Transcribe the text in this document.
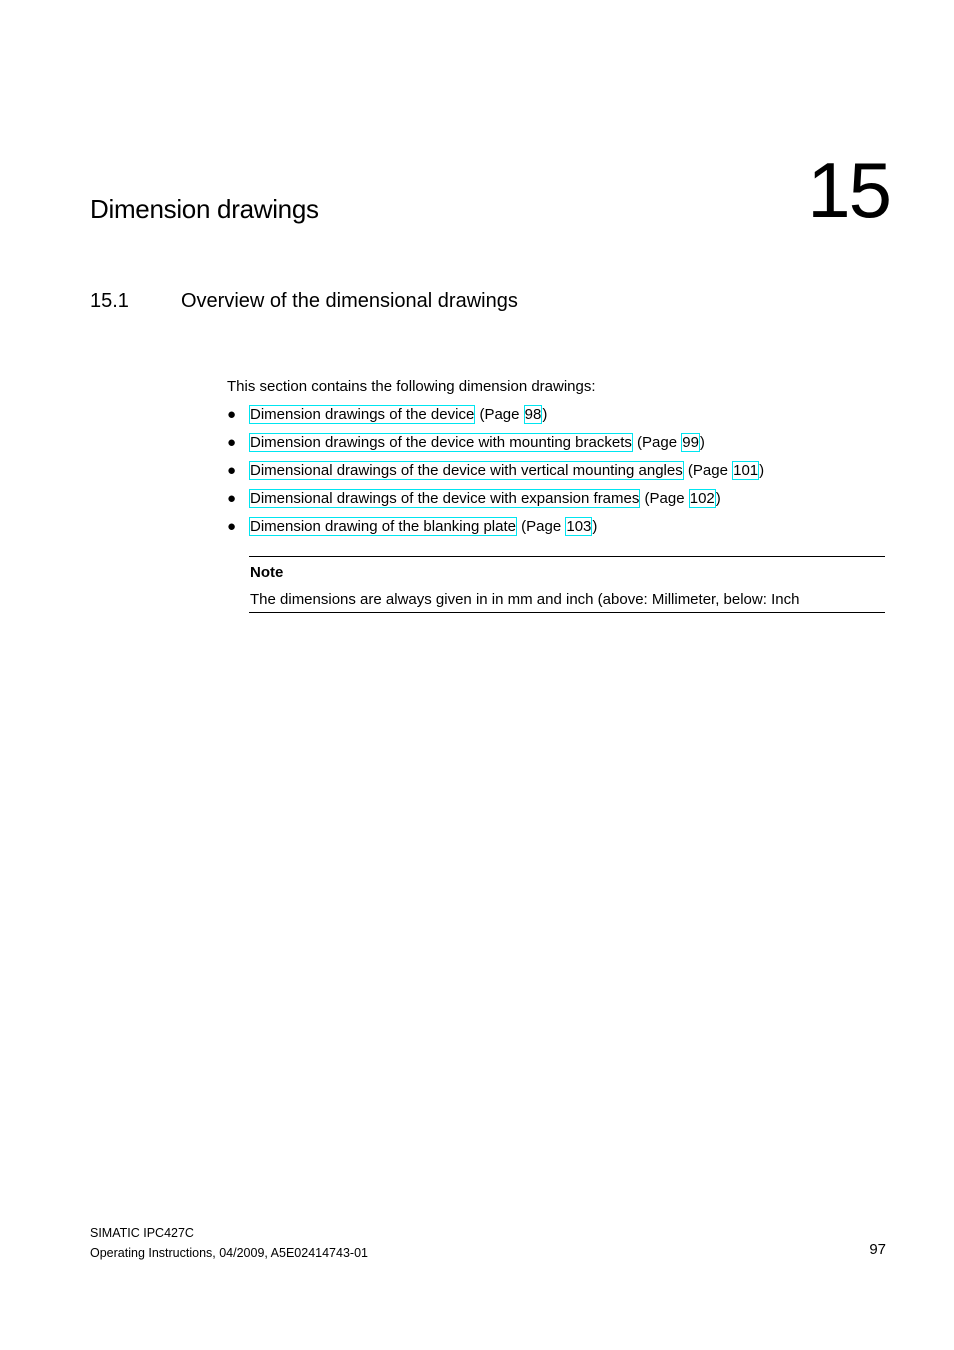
15
Dimension drawings
15.1	Overview of the dimensional drawings
This section contains the following dimension drawings:
● Dimension drawings of the device (Page 98)
● Dimension drawings of the device with mounting brackets (Page 99)
● Dimensional drawings of the device with vertical mounting angles (Page 101)
● Dimensional drawings of the device with expansion frames (Page 102)
● Dimension drawing of the blanking plate (Page 103)
Note
The dimensions are always given in in mm and inch (above: Millimeter, below: Inch
SIMATIC IPC427C
Operating Instructions, 04/2009, A5E02414743-01	97
